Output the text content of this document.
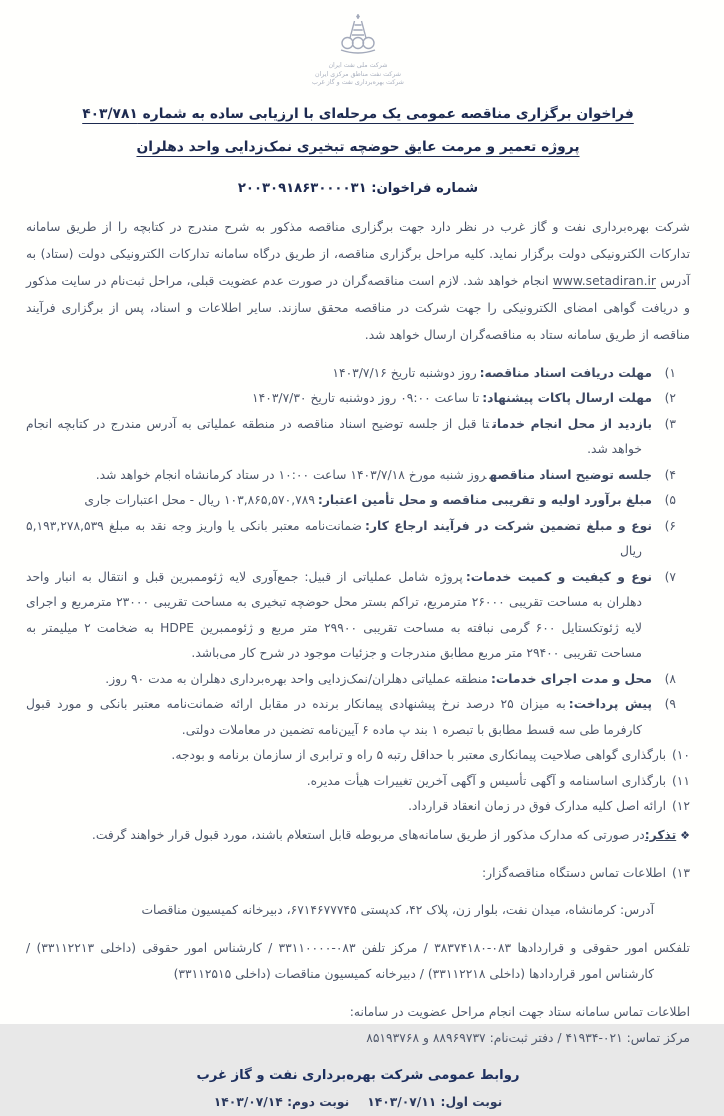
شرکت ملی نفت ایران
شرکت نفت مناطق مرکزی ایران
شرکت بهره‌برداری نفت و گاز غرب
فراخوان برگزاری مناقصه عمومی یک مرحله‌ای با ارزیابی ساده به شماره ۴۰۳/۷۸۱
پروژه تعمیر و مرمت عایق حوضچه تبخیری نمک‌زدایی واحد دهلران
شماره فراخوان: ۲۰۰۳۰۹۱۸۶۳۰۰۰۰۳۱

شرکت بهره‌برداری نفت و گاز غرب در نظر دارد جهت برگزاری مناقصه مذکور به شرح مندرج در کتابچه را از طریق سامانه تدارکات الکترونیکی دولت برگزار نماید. کلیه مراحل برگزاری مناقصه، از طریق درگاه سامانه تدارکات الکترونیکی دولت (ستاد) به آدرس www.setadiran.ir انجام خواهد شد. لازم است مناقصه‌گران در صورت عدم عضویت قبلی، مراحل ثبت‌نام در سایت مذکور و دریافت گواهی امضای الکترونیکی را جهت شرکت در مناقصه محقق سازند. سایر اطلاعات و اسناد، پس از برگزاری فرآیند مناقصه از طریق سامانه ستاد به مناقصه‌گران ارسال خواهد شد.

۱)مهلت دریافت اسناد مناقصه:روز دوشنبه تاریخ ۱۴۰۳/۷/۱۶

۲)مهلت ارسال پاکات پیشنهاد:تا ساعت ۰۹:۰۰ روز دوشنبه تاریخ ۱۴۰۳/۷/۳۰

۳)بازدید از محل انجام خدماتتا قبل از جلسه توضیح اسناد مناقصه در منطقه عملیاتی به آدرس مندرج در کتابچه انجام خواهد شد.

۴)جلسه توضیح اسناد مناقصهروز شنبه مورخ ۱۴۰۳/۷/۱۸ ساعت ۱۰:۰۰ در ستاد کرمانشاه انجام خواهد شد.

۵)مبلغ برآورد اولیه و تقریبی مناقصه و محل تأمین اعتبار:۱۰۳,۸۶۵,۵۷۰,۷۸۹ ریال - محل اعتبارات جاری

۶)نوع و مبلغ تضمین شرکت در فرآیند ارجاع کار:ضمانت‌نامه معتبر بانکی یا واریز وجه نقد به مبلغ ۵,۱۹۳,۲۷۸,۵۳۹ ریال

۷)نوع و کیفیت و کمیت خدمات:پروژه شامل عملیاتی از قبیل: جمع‌آوری لایه ژئوممبرین قبل و انتقال به انبار واحد دهلران به مساحت تقریبی ۲۶۰۰۰ مترمربع، تراکم بستر محل حوضچه تبخیری به مساحت تقریبی ۲۳۰۰۰ مترمربع و اجرای لایه ژئوتکستایل ۶۰۰ گرمی نبافته به مساحت تقریبی ۲۹۹۰۰ متر مربع و ژئوممبرین HDPE به ضخامت ۲ میلیمتر به مساحت تقریبی ۲۹۴۰۰ متر مربع مطابق مندرجات و جزئیات موجود در شرح کار می‌باشد.

۸)محل و مدت اجرای خدمات:منطقه عملیاتی دهلران/نمک‌زدایی واحد بهره‌برداری دهلران به مدت ۹۰ روز.

۹)پیش پرداخت:به میزان ۲۵ درصد نرخ پیشنهادی پیمانکار برنده در مقابل ارائه ضمانت‌نامه معتبر بانکی و مورد قبول کارفرما طی سه قسط مطابق با تبصره ۱ بند پ ماده ۶ آیین‌نامه تضمین در معاملات دولتی.

۱۰)بارگذاری گواهی صلاحیت پیمانکاری معتبر با حداقل رتبه ۵ راه و ترابری از سازمان برنامه و بودجه.

۱۱)بارگذاری اساسنامه و آگهی تأسیس و آگهی آخرین تغییرات هیأت مدیره.

۱۲)ارائه اصل کلیه مدارک فوق در زمان انعقاد قرارداد.

❖ تذکر:در صورتی که مدارک مذکور از طریق سامانه‌های مربوطه قابل استعلام باشند، مورد قبول قرار خواهند گرفت.

۱۳)اطلاعات تماس دستگاه مناقصه‌گزار:

آدرس: کرمانشاه، میدان نفت، بلوار زن، پلاک ۴۲، کدپستی ۶۷۱۴۶۷۷۷۴۵، دبیرخانه کمیسیون مناقصات

تلفکس امور حقوقی و قراردادها ۰۸۳-۳۸۳۷۴۱۸۰ / مرکز تلفن ۰۸۳-۳۳۱۱۰۰۰۰ / کارشناس امور حقوقی (داخلی ۳۳۱۱۲۲۱۳) / کارشناس امور قراردادها (داخلی ۳۳۱۱۲۲۱۸) / دبیرخانه کمیسیون مناقصات (داخلی ۳۳۱۱۲۵۱۵)

اطلاعات تماس سامانه ستاد جهت انجام مراحل عضویت در سامانه:
مرکز تماس: ۰۲۱-۴۱۹۳۴ / دفتر ثبت‌نام: ۸۸۹۶۹۷۳۷ و ۸۵۱۹۳۷۶۸
روابط عمومی شرکت بهره‌برداری نفت و گاز غرب
نوبت اول: ۱۴۰۳/۰۷/۱۱نوبت دوم: ۱۴۰۳/۰۷/۱۴
